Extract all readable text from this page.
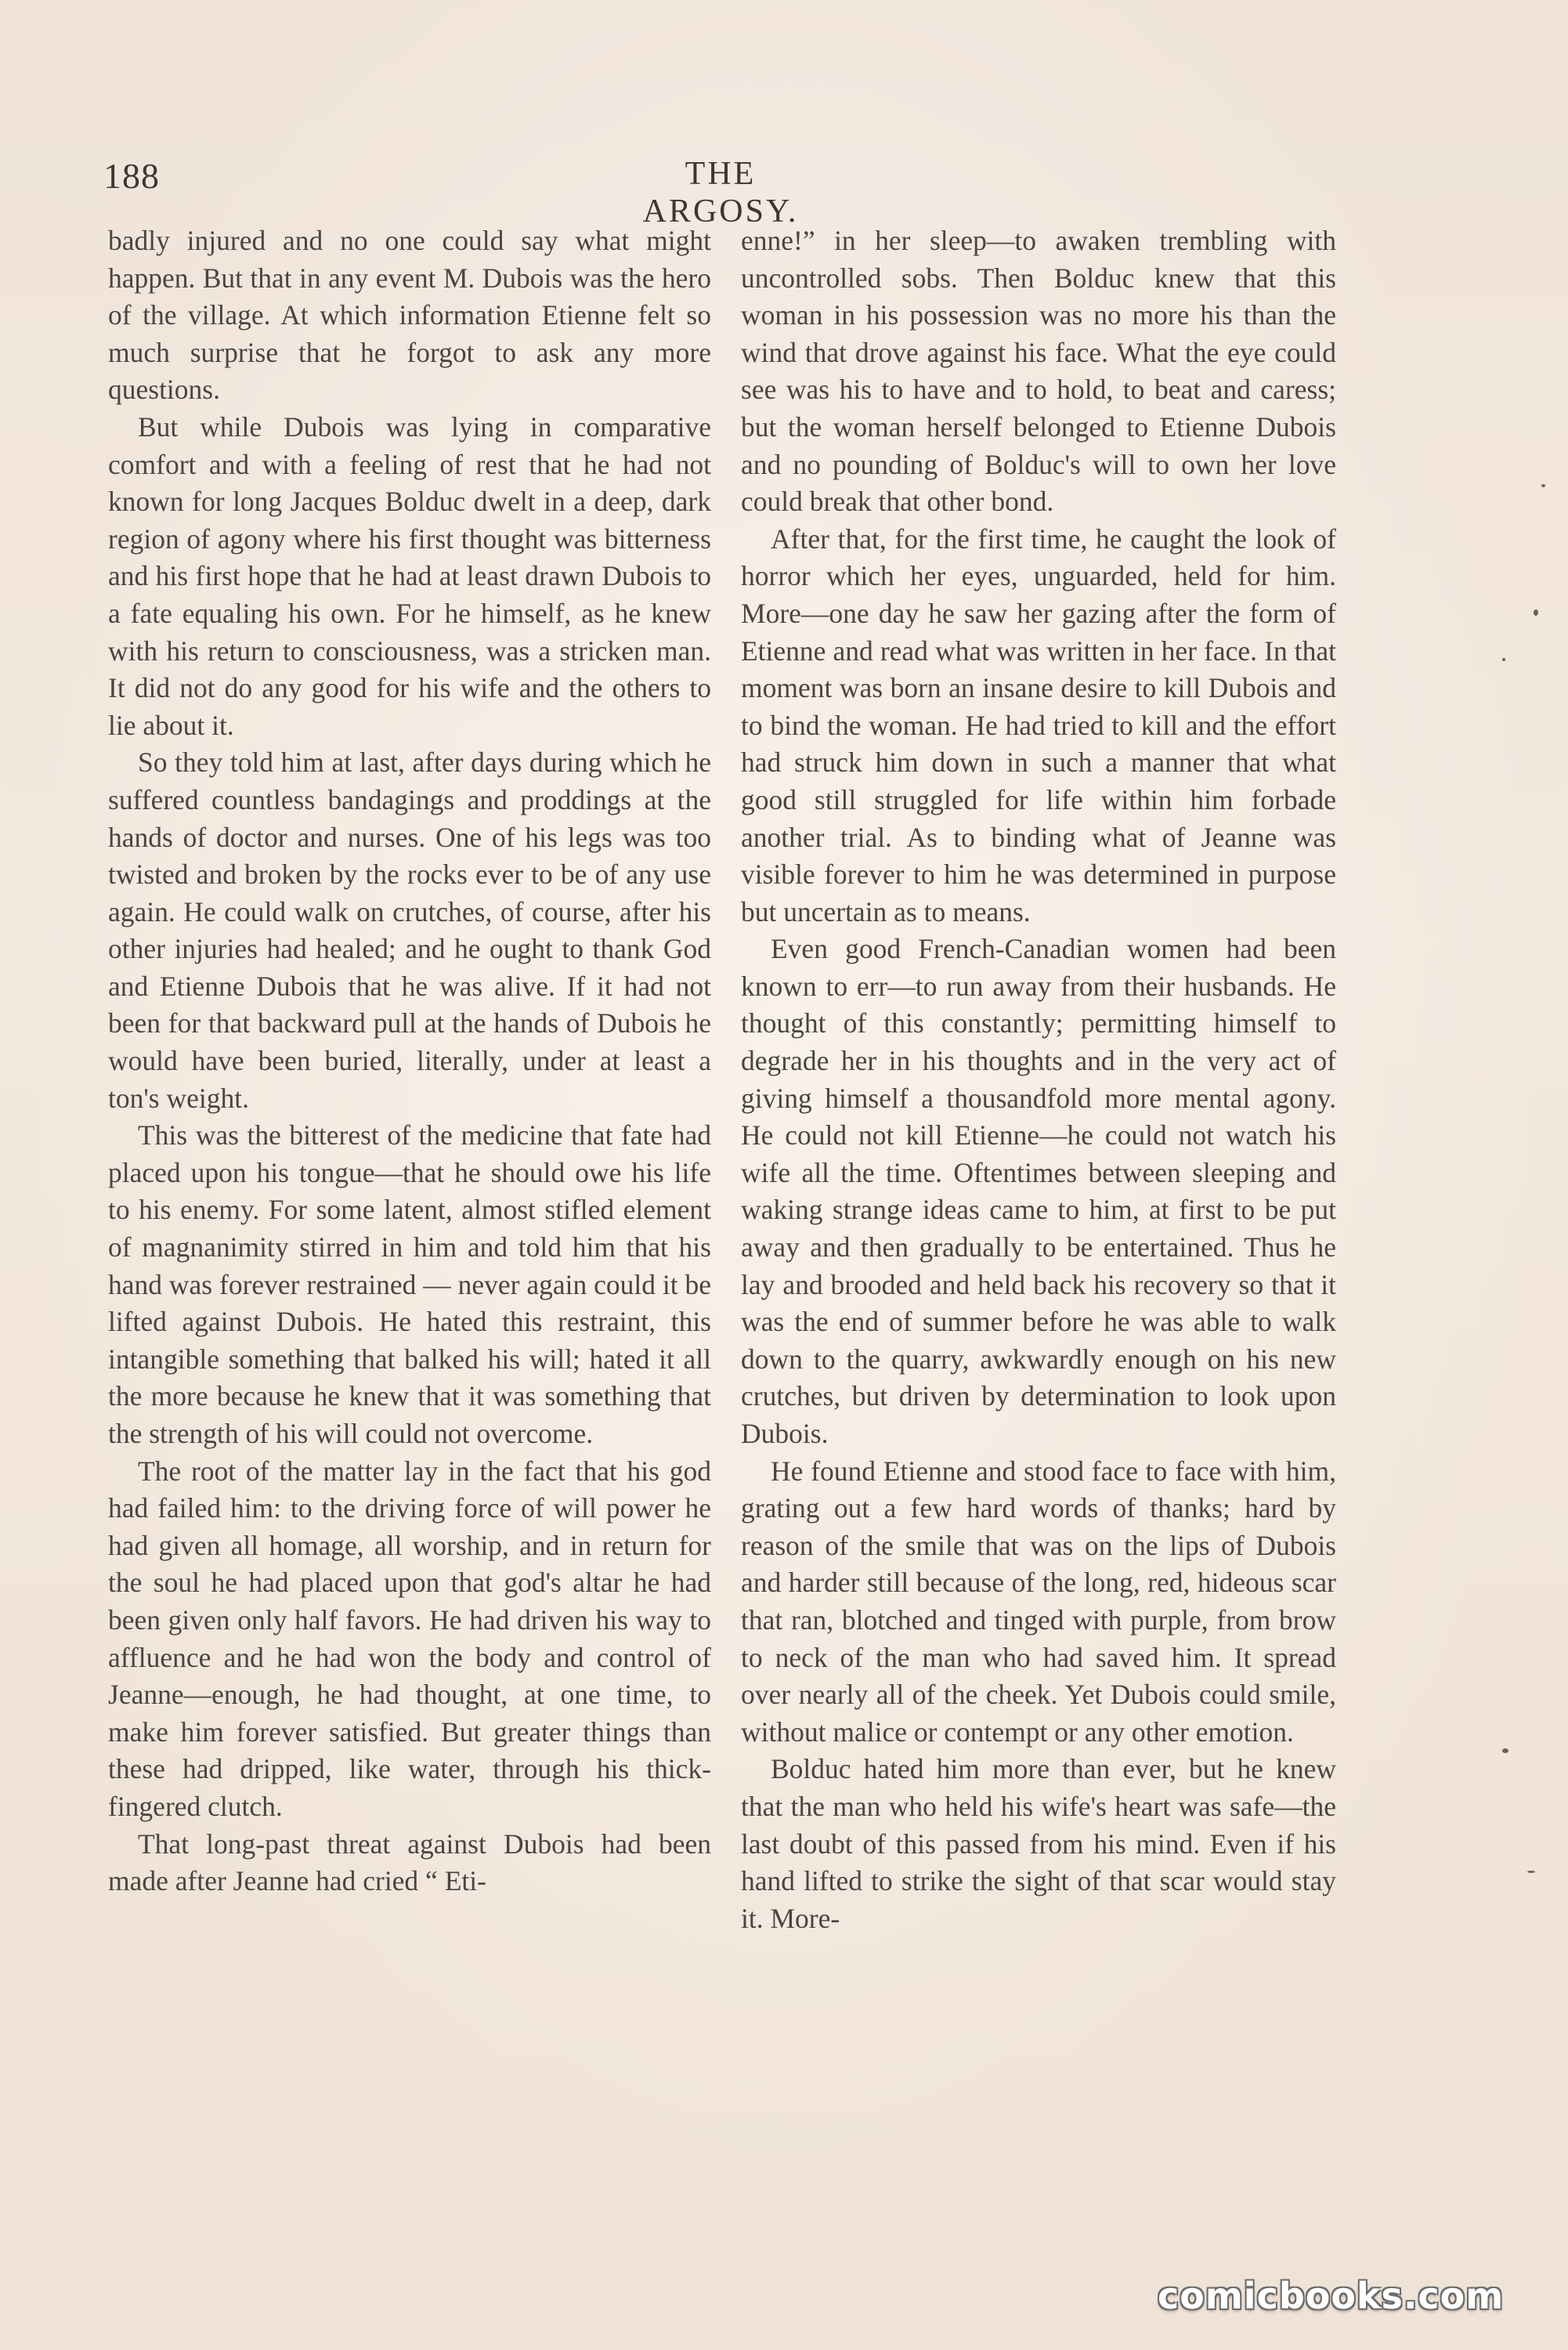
188	THE ARGOSY.

badly injured and no one could say what might happen. But that in any event M. Dubois was the hero of the village. At which information Etienne felt so much surprise that he forgot to ask any more questions.

But while Dubois was lying in comparative comfort and with a feeling of rest that he had not known for long Jacques Bolduc dwelt in a deep, dark region of agony where his first thought was bitterness and his first hope that he had at least drawn Dubois to a fate equaling his own. For he himself, as he knew with his return to consciousness, was a stricken man. It did not do any good for his wife and the others to lie about it.

So they told him at last, after days during which he suffered countless bandagings and proddings at the hands of doctor and nurses. One of his legs was too twisted and broken by the rocks ever to be of any use again. He could walk on crutches, of course, after his other injuries had healed; and he ought to thank God and Etienne Dubois that he was alive. If it had not been for that backward pull at the hands of Dubois he would have been buried, literally, under at least a ton's weight.

This was the bitterest of the medicine that fate had placed upon his tongue—that he should owe his life to his enemy. For some latent, almost stifled element of magnanimity stirred in him and told him that his hand was forever restrained — never again could it be lifted against Dubois. He hated this restraint, this intangible something that balked his will; hated it all the more because he knew that it was something that the strength of his will could not overcome.

The root of the matter lay in the fact that his god had failed him: to the driving force of will power he had given all homage, all worship, and in return for the soul he had placed upon that god's altar he had been given only half favors. He had driven his way to affluence and he had won the body and control of Jeanne—enough, he had thought, at one time, to make him forever satisfied. But greater things than these had dripped, like water, through his thick-fingered clutch.

That long-past threat against Dubois had been made after Jeanne had cried “ Eti-

enne!” in her sleep—to awaken trembling with uncontrolled sobs. Then Bolduc knew that this woman in his possession was no more his than the wind that drove against his face. What the eye could see was his to have and to hold, to beat and caress; but the woman herself belonged to Etienne Dubois and no pounding of Bolduc's will to own her love could break that other bond.

After that, for the first time, he caught the look of horror which her eyes, unguarded, held for him. More—one day he saw her gazing after the form of Etienne and read what was written in her face. In that moment was born an insane desire to kill Dubois and to bind the woman. He had tried to kill and the effort had struck him down in such a manner that what good still struggled for life within him forbade another trial. As to binding what of Jeanne was visible forever to him he was determined in purpose but uncertain as to means.

Even good French-Canadian women had been known to err—to run away from their husbands. He thought of this constantly; permitting himself to degrade her in his thoughts and in the very act of giving himself a thousandfold more mental agony. He could not kill Etienne—he could not watch his wife all the time. Oftentimes between sleeping and waking strange ideas came to him, at first to be put away and then gradually to be entertained. Thus he lay and brooded and held back his recovery so that it was the end of summer before he was able to walk down to the quarry, awkwardly enough on his new crutches, but driven by determination to look upon Dubois.

He found Etienne and stood face to face with him, grating out a few hard words of thanks; hard by reason of the smile that was on the lips of Dubois and harder still because of the long, red, hideous scar that ran, blotched and tinged with purple, from brow to neck of the man who had saved him. It spread over nearly all of the cheek. Yet Dubois could smile, without malice or contempt or any other emotion.

Bolduc hated him more than ever, but he knew that the man who held his wife's heart was safe—the last doubt of this passed from his mind. Even if his hand lifted to strike the sight of that scar would stay it. More-

comicbooks.com
